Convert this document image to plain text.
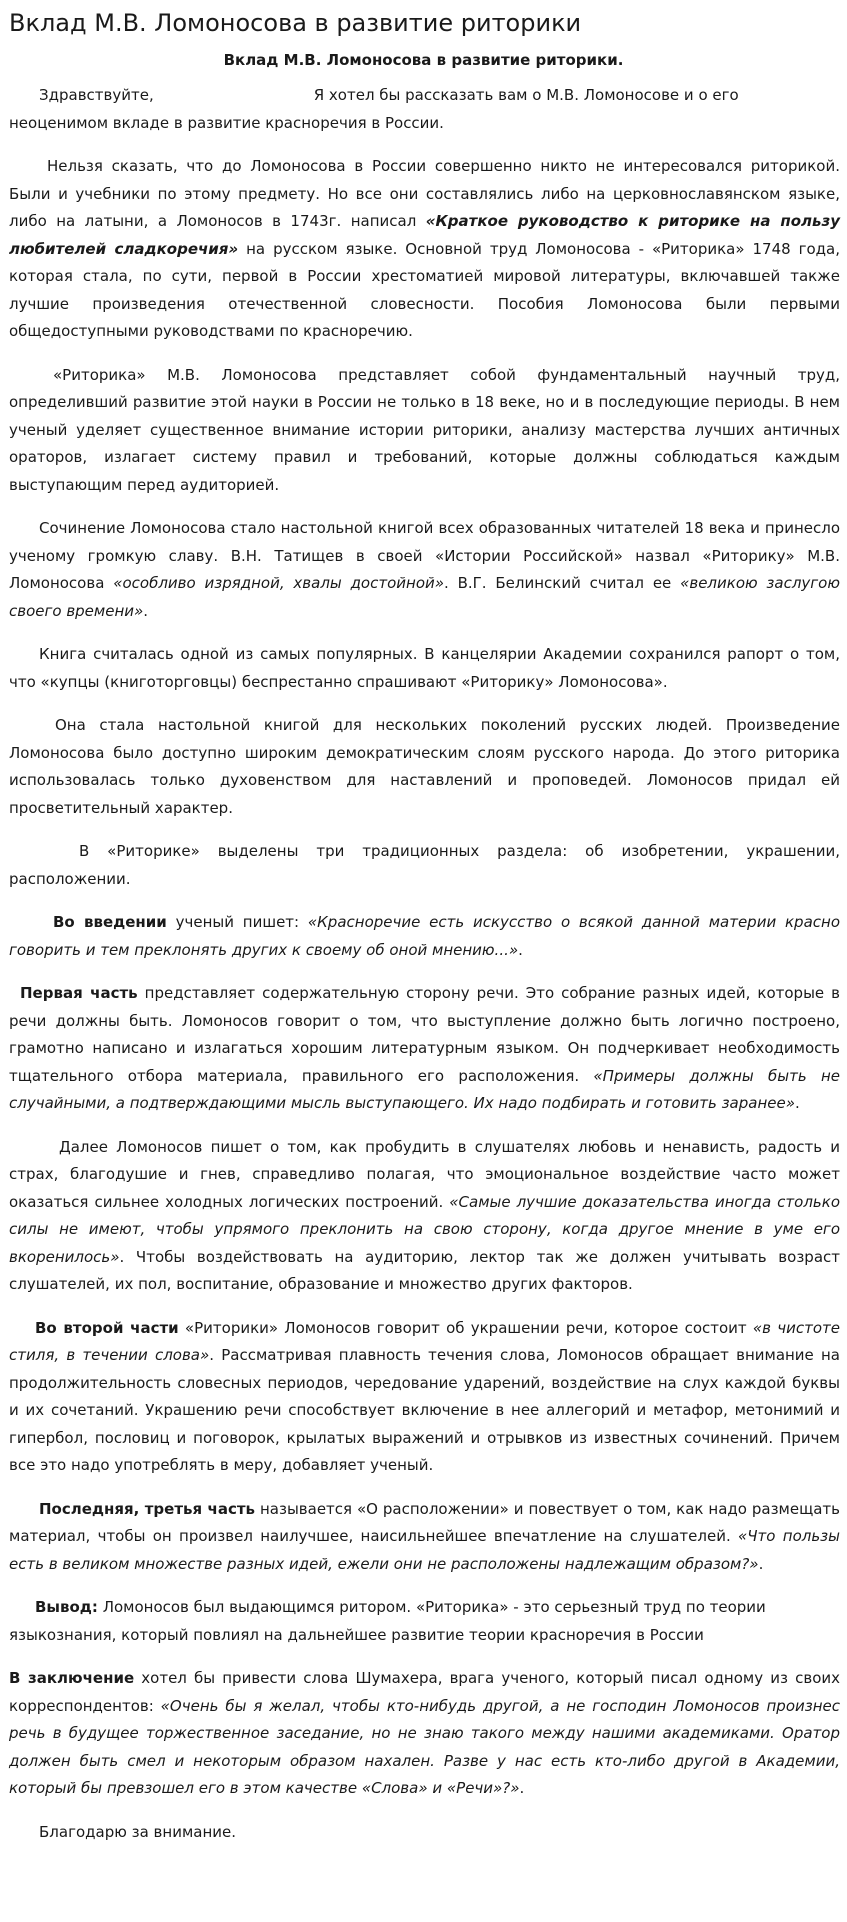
Вклад М.В. Ломоносова в развитие риторики
Вклад М.В. Ломоносова в развитие риторики.

Здравствуйте,	Я хотел бы рассказать вам о М.В. Ломоносове и о его неоценимом вкладе в развитие красноречия в России.

Нельзя сказать, что до Ломоносова в России совершенно никто не интересовался риторикой. Были и учебники по этому предмету. Но все они составлялись либо на церковнославянском языке, либо на латыни, а Ломоносов в 1743г. написал «Краткое руководство к риторике на пользу любителей сладкоречия» на русском языке. Основной труд Ломоносова - «Риторика» 1748 года, которая стала, по сути, первой в России хрестоматией мировой литературы, включавшей также лучшие произведения отечественной словесности. Пособия Ломоносова были первыми общедоступными руководствами по красноречию.

«Риторика» М.В. Ломоносова представляет собой фундаментальный научный труд, определивший развитие этой науки в России не только в 18 веке, но и в последующие периоды. В нем ученый уделяет существенное внимание истории риторики, анализу мастерства лучших античных ораторов, излагает систему правил и требований, которые должны соблюдаться каждым выступающим перед аудиторией.

Сочинение Ломоносова стало настольной книгой всех образованных читателей 18 века и принесло ученому громкую славу. В.Н. Татищев в своей «Истории Российской» назвал «Риторику» М.В. Ломоносова «особливо изрядной, хвалы достойной». В.Г. Белинский считал ее «великою заслугою своего времени».

Книга считалась одной из самых популярных. В канцелярии Академии сохранился рапорт о том, что «купцы (книготорговцы) беспрестанно спрашивают «Риторику» Ломоносова».

Она стала настольной книгой для нескольких поколений русских людей. Произведение Ломоносова было доступно широким демократическим слоям русского народа. До этого риторика использовалась только духовенством для наставлений и проповедей. Ломоносов придал ей просветительный характер.

В «Риторике» выделены три традиционных раздела: об изобретении, украшении, расположении.

Во введении ученый пишет: «Красноречие есть искусство о всякой данной материи красно говорить и тем преклонять других к своему об оной мнению...».

Первая часть представляет содержательную сторону речи. Это собрание разных идей, которые в речи должны быть. Ломоносов говорит о том, что выступление должно быть логично построено, грамотно написано и излагаться хорошим литературным языком. Он подчеркивает необходимость тщательного отбора материала, правильного его расположения. «Примеры должны быть не случайными, а подтверждающими мысль выступающего. Их надо подбирать и готовить заранее».

Далее Ломоносов пишет о том, как пробудить в слушателях любовь и ненависть, радость и страх, благодушие и гнев, справедливо полагая, что эмоциональное воздействие часто может оказаться сильнее холодных логических построений. «Самые лучшие доказательства иногда столько силы не имеют, чтобы упрямого преклонить на свою сторону, когда другое мнение в уме его вкоренилось». Чтобы воздействовать на аудиторию, лектор так же должен учитывать возраст слушателей, их пол, воспитание, образование и множество других факторов.

Во второй части «Риторики» Ломоносов говорит об украшении речи, которое состоит «в чистоте стиля, в течении слова». Рассматривая плавность течения слова, Ломоносов обращает внимание на продолжительность словесных периодов, чередование ударений, воздействие на слух каждой буквы и их сочетаний. Украшению речи способствует включение в нее аллегорий и метафор, метонимий и гипербол, пословиц и поговорок, крылатых выражений и отрывков из известных сочинений. Причем все это надо употреблять в меру, добавляет ученый.

Последняя, третья часть называется «О расположении» и повествует о том, как надо размещать материал, чтобы он произвел наилучшее, наисильнейшее впечатление на слушателей. «Что пользы есть в великом множестве разных идей, ежели они не расположены надлежащим образом?».

Вывод: Ломоносов был выдающимся ритором. «Риторика» - это серьезный труд по теории языкознания, который повлиял на дальнейшее развитие теории красноречия в России

В заключение хотел бы привести слова Шумахера, врага ученого, который писал одному из своих корреспондентов: «Очень бы я желал, чтобы кто-нибудь другой, а не господин Ломоносов произнес речь в будущее торжественное заседание, но не знаю такого между нашими академиками. Оратор должен быть смел и некоторым образом нахален. Разве у нас есть кто-либо другой в Академии, который бы превзошел его в этом качестве «Слова» и «Речи»?».

Благодарю за внимание.
